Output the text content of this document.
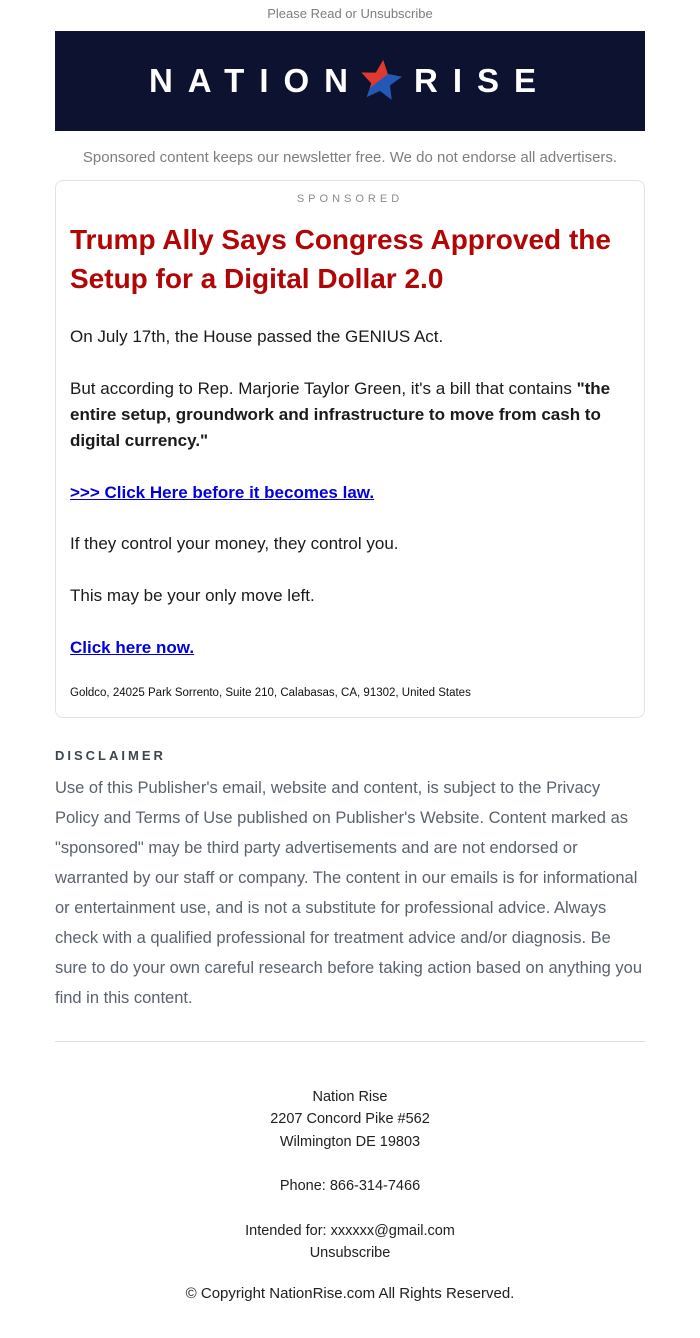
Please Read or Unsubscribe
NATION RISE
Sponsored content keeps our newsletter free. We do not endorse all advertisers.
SPONSORED
Trump Ally Says Congress Approved the Setup for a Digital Dollar 2.0

On July 17th, the House passed the GENIUS Act.

But according to Rep. Marjorie Taylor Green, it's a bill that contains "the entire setup, groundwork and infrastructure to move from cash to digital currency."

>>> Click Here before it becomes law.

If they control your money, they control you.

This may be your only move left.

Click here now.

Goldco, 24025 Park Sorrento, Suite 210, Calabasas, CA, 91302, United States
DISCLAIMER

Use of this Publisher's email, website and content, is subject to the Privacy Policy and Terms of Use published on Publisher's Website. Content marked as "sponsored" may be third party advertisements and are not endorsed or warranted by our staff or company. The content in our emails is for informational or entertainment use, and is not a substitute for professional advice. Always check with a qualified professional for treatment advice and/or diagnosis. Be sure to do your own careful research before taking action based on anything you find in this content.

Nation Rise
2207 Concord Pike #562
Wilmington DE 19803
Phone: 866-314-7466
Intended for: xxxxxx@gmail.com
Unsubscribe
© Copyright NationRise.com All Rights Reserved.
